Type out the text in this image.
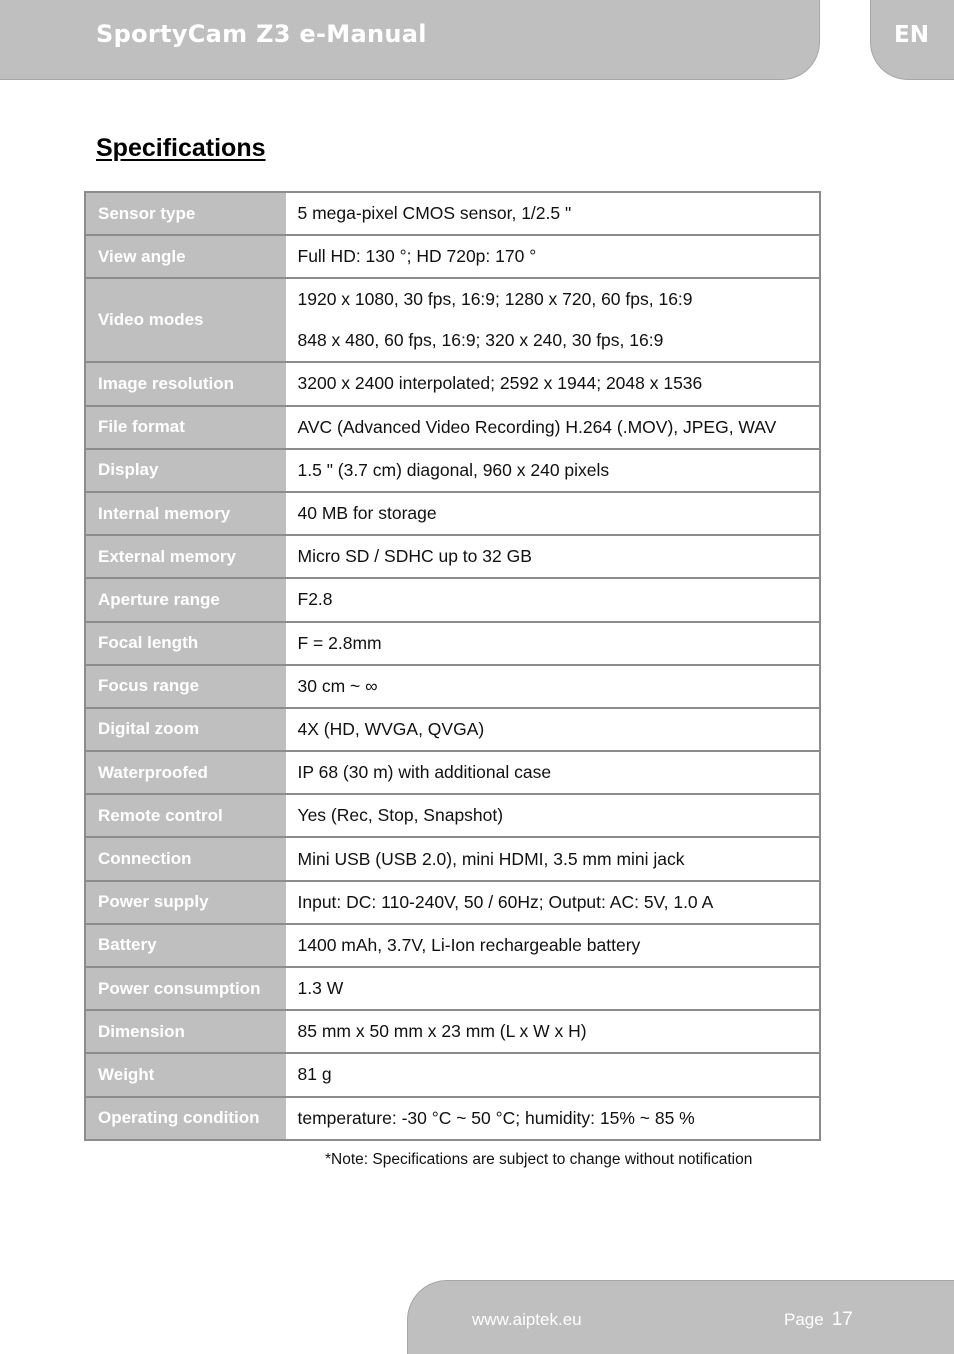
SportyCam Z3 e-Manual	EN
Specifications
Sensor type	5 mega-pixel CMOS sensor, 1/2.5 "
View angle	Full HD: 130 °; HD 720p: 170 °
Video modes	1920 x 1080, 30 fps, 16:9; 1280 x 720, 60 fps, 16:9
848 x 480, 60 fps, 16:9; 320 x 240, 30 fps, 16:9

Image resolution	3200 x 2400 interpolated; 2592 x 1944; 2048 x 1536
File format	AVC (Advanced Video Recording) H.264 (.MOV), JPEG, WAV
Display	1.5 " (3.7 cm) diagonal, 960 x 240 pixels
Internal memory	40 MB for storage
External memory	Micro SD / SDHC up to 32 GB
Aperture range	F2.8
Focal length	F = 2.8mm
Focus range	30 cm ~ ∞
Digital zoom	4X (HD, WVGA, QVGA)
Waterproofed	IP 68 (30 m) with additional case
Remote control	Yes (Rec, Stop, Snapshot)
Connection	Mini USB (USB 2.0), mini HDMI, 3.5 mm mini jack
Power supply	Input: DC: 110-240V, 50 / 60Hz; Output: AC: 5V, 1.0 A
Battery	1400 mAh, 3.7V, Li-Ion rechargeable battery
Power consumption	1.3 W
Dimension	85 mm x 50 mm x 23 mm (L x W x H)
Weight	81 g
Operating condition	temperature: -30 °C ~ 50 °C; humidity: 15% ~ 85 %
*Note: Specifications are subject to change without notification
www.aiptek.eu	Page 17
